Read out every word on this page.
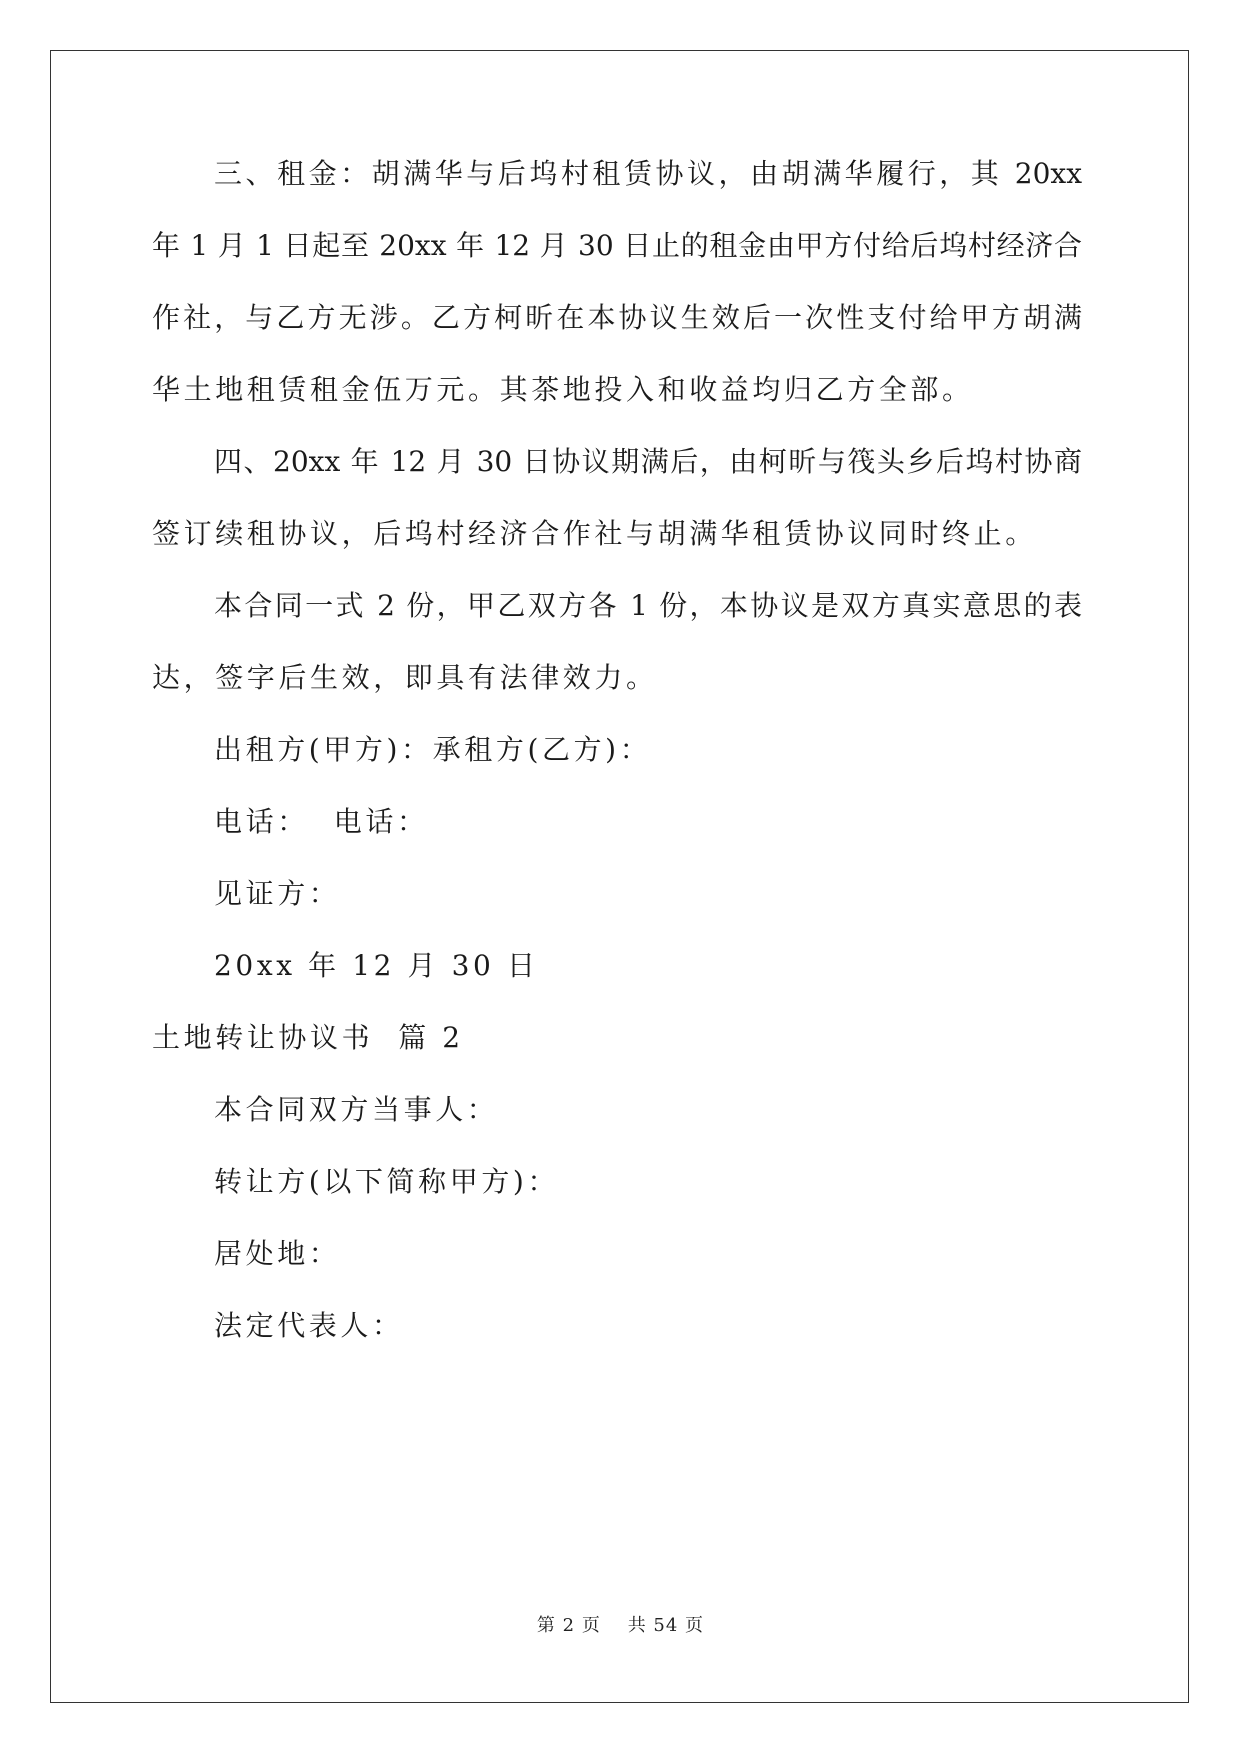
三、租金：胡满华与后坞村租赁协议，由胡满华履行，其 20xx
年 1 月 1 日起至 20xx 年 12 月 30 日止的租金由甲方付给后坞村经济合
作社，与乙方无涉。乙方柯昕在本协议生效后一次性支付给甲方胡满
华土地租赁租金伍万元。其茶地投入和收益均归乙方全部。
四、20xx 年 12 月 30 日协议期满后，由柯昕与筏头乡后坞村协商
签订续租协议，后坞村经济合作社与胡满华租赁协议同时终止。
本合同一式 2 份，甲乙双方各 1 份，本协议是双方真实意思的表
达，签字后生效，即具有法律效力。
出租方(甲方)：承租方(乙方)：
电话：  电话：
见证方：
20xx 年 12 月 30 日
土地转让协议书  篇 2
本合同双方当事人：
转让方(以下简称甲方)：
居处地：
法定代表人：
第 2 页    共 54 页
